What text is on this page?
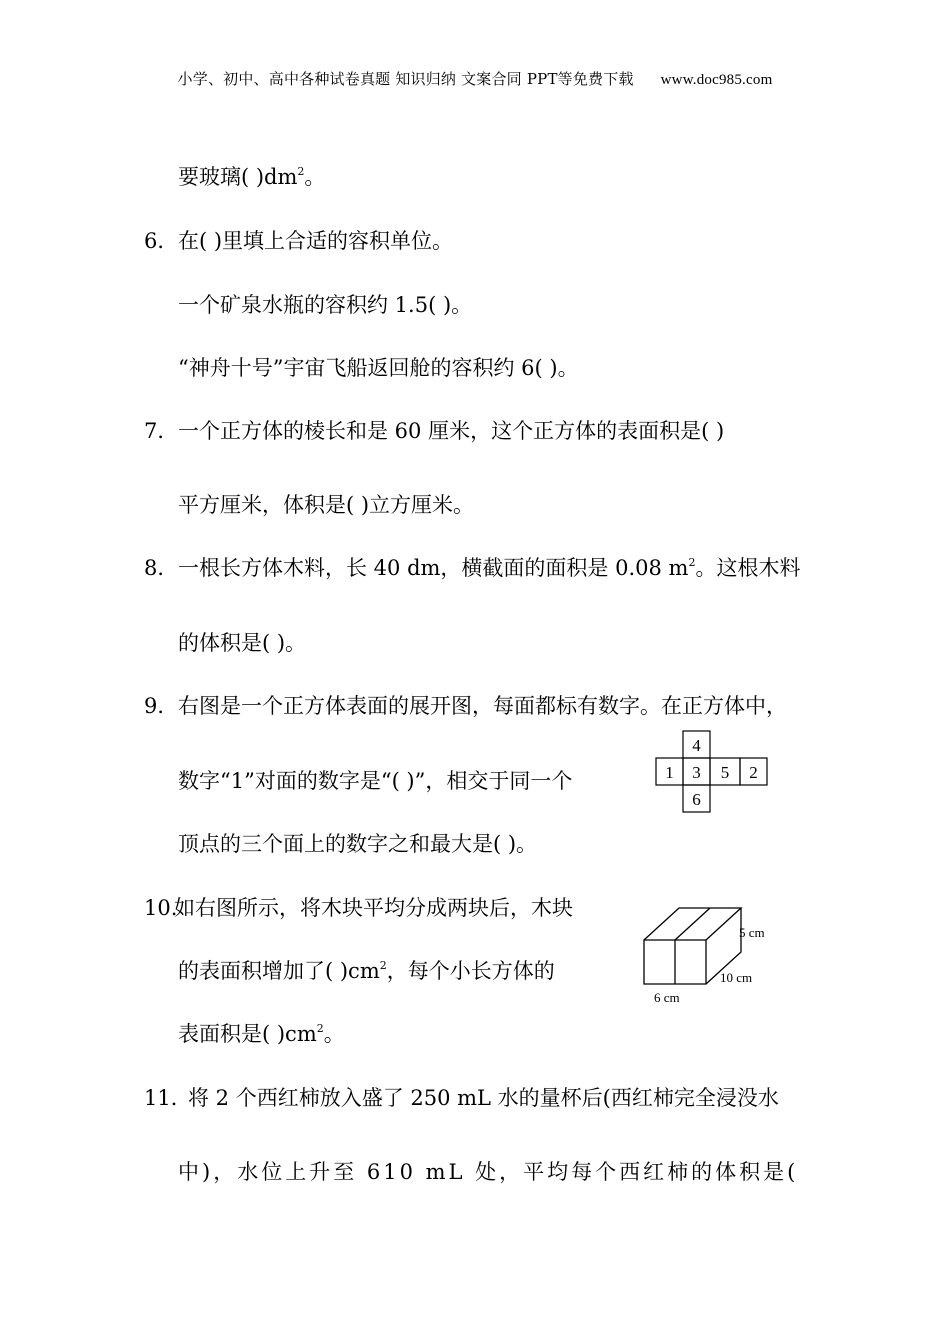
小学、初中、高中各种试卷真题 知识归纳 文案合同 PPT等免费下载 www.doc985.com
要玻璃( )$dm^2$。
6．在( )里填上合适的容积单位。
一个矿泉水瓶的容积约 1.5( )。
“神舟十号”宇宙飞船返回舱的容积约 6( )。
7．一个正方体的棱长和是 60 厘米，这个正方体的表面积是( )
平方厘米，体积是( )立方厘米。
8．一根长方体木料，长 40 dm，横截面的面积是 0.08 $m^2$。这根木料
的体积是( )。
9．右图是一个正方体表面的展开图，每面都标有数字。在正方体中，
数字“1”对面的数字是“( )”，相交于同一个
顶点的三个面上的数字之和最大是( )。
4
1 3 5 2
6
10.如右图所示，将木块平均分成两块后，木块
的表面积增加了( )$cm^2$，每个小长方体的
表面积是( )$cm^2$。
5 cm
10 cm
6 cm
11．将 2 个西红柿放入盛了 250 mL 水的量杯后(西红柿完全浸没水
中)，水位上升至 610 mL 处，平均每个西红柿的体积是(
